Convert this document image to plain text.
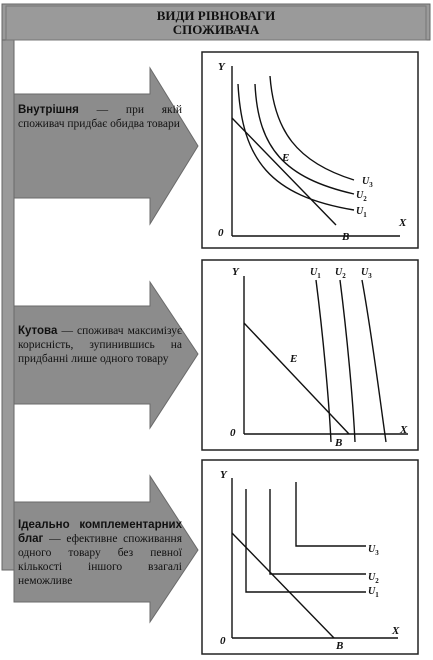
Y
X
0	B
E
$U_1$
$U_2$
$U_3$
Y
X
0
B
E
$U_1$ $U_2$ $U_3$
Y
X
0	B
$U_1$
$U_2$
$U_3$
ВИДИ РІВНОВАГИ
СПОЖИВАЧА
Внутрішня — при якій споживач придбає обидва товари
Кутова — споживач максимізує корисність, зупинившись на придбанні лише одного товару
Ідеально комплементарних благ — ефективне споживання одного товару без певної кількості іншого взагалі неможливе
